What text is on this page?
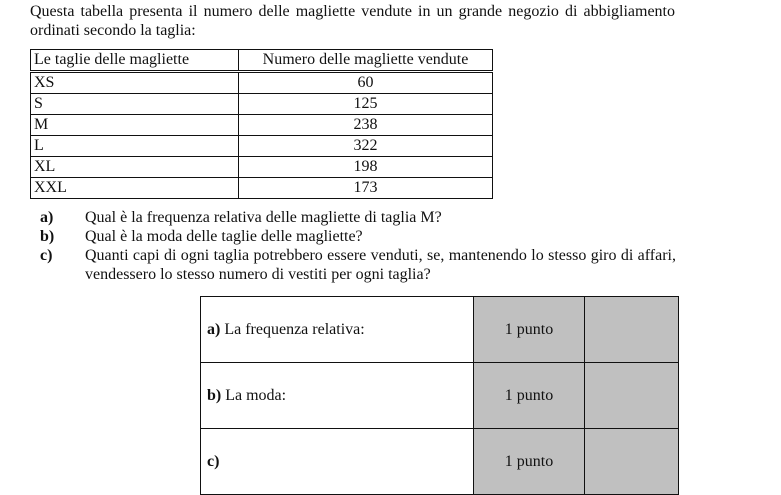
Questa tabella presenta il numero delle magliette vendute in un grande negozio di abbigliamento ordinati secondo la taglia:
Le taglie delle magliette	Numero delle magliette vendute
XS	60
S	125
M	238
L	322
XL	198
XXL	173
a)	Qual è la frequenza relativa delle magliette di taglia M?
b)	Qual è la moda delle taglie delle magliette?
c)	Quanti capi di ogni taglia potrebbero essere venduti, se, mantenendo lo stesso giro di affari, vendessero lo stesso numero di vestiti per ogni taglia?
a) La frequenza relativa:	1 punto	
b) La moda:	1 punto	
c)	1 punto	
